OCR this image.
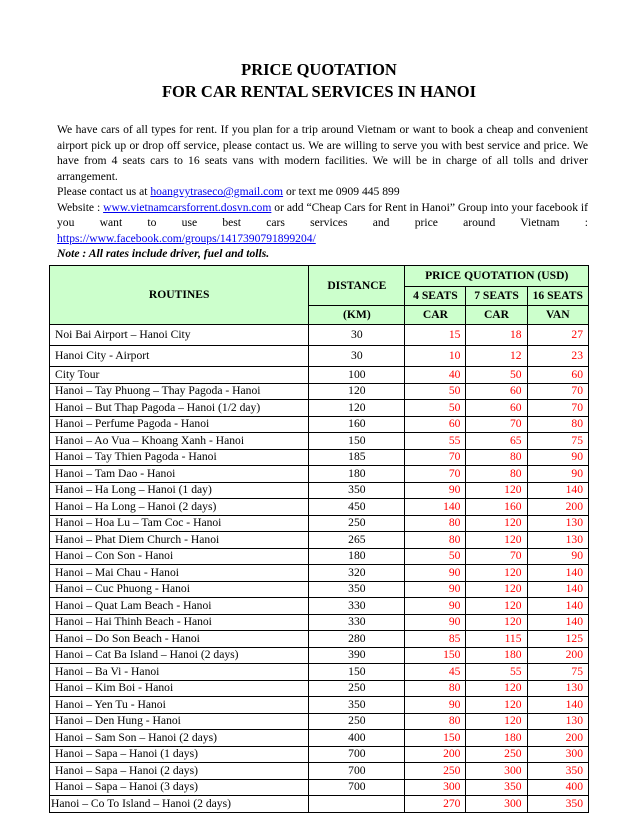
PRICE QUOTATION
FOR CAR RENTAL SERVICES IN HANOI

We have cars of all types for rent. If you plan for a trip around Vietnam or want to book a cheap and convenient airport pick up or drop off service, please contact us. We are willing to serve you with best service and price. We have from 4 seats cars to 16 seats vans with modern facilities. We will be in charge of all tolls and driver arrangement.

Please contact us at hoangvytraseco@gmail.com or text me 0909 445 899

Website : www.vietnamcarsforrent.dosvn.com or add “Cheap Cars for Rent in Hanoi” Group into your facebook if you want to use best cars services and price around Vietnam : https://www.facebook.com/groups/1417390791899204/

Note : All rates include driver, fuel and tolls.

ROUTINES	DISTANCE	PRICE QUOTATION (USD)		
		4 SEATS	7 SEATS	16 SEATS
	(KM)	CAR	CAR	VAN
Noi Bai Airport – Hanoi City	30	15	18	27
Hanoi City - Airport	30	10	12	23
City Tour	100	40	50	60
Hanoi – Tay Phuong – Thay Pagoda - Hanoi	120	50	60	70
Hanoi – But Thap Pagoda – Hanoi (1/2 day)	120	50	60	70
Hanoi – Perfume Pagoda - Hanoi	160	60	70	80
Hanoi – Ao Vua – Khoang Xanh - Hanoi	150	55	65	75
Hanoi – Tay Thien Pagoda - Hanoi	185	70	80	90
Hanoi – Tam Dao - Hanoi	180	70	80	90
Hanoi – Ha Long – Hanoi (1 day)	350	90	120	140
Hanoi – Ha Long – Hanoi (2 days)	450	140	160	200
Hanoi – Hoa Lu – Tam Coc - Hanoi	250	80	120	130
Hanoi – Phat Diem Church - Hanoi	265	80	120	130
Hanoi – Con Son - Hanoi	180	50	70	90
Hanoi – Mai Chau - Hanoi	320	90	120	140
Hanoi – Cuc Phuong - Hanoi	350	90	120	140
Hanoi – Quat Lam Beach - Hanoi	330	90	120	140
Hanoi – Hai Thinh Beach - Hanoi	330	90	120	140
Hanoi – Do Son Beach - Hanoi	280	85	115	125
Hanoi – Cat Ba Island – Hanoi (2 days)	390	150	180	200
Hanoi – Ba Vi - Hanoi	150	45	55	75
Hanoi – Kim Boi - Hanoi	250	80	120	130
Hanoi – Yen Tu - Hanoi	350	90	120	140
Hanoi – Den Hung - Hanoi	250	80	120	130
Hanoi – Sam Son – Hanoi (2 days)	400	150	180	200
Hanoi – Sapa – Hanoi (1 days)	700	200	250	300
Hanoi – Sapa – Hanoi (2 days)	700	250	300	350
Hanoi – Sapa – Hanoi (3 days)	700	300	350	400
Hanoi – Co To Island – Hanoi (2 days)		270	300	350
